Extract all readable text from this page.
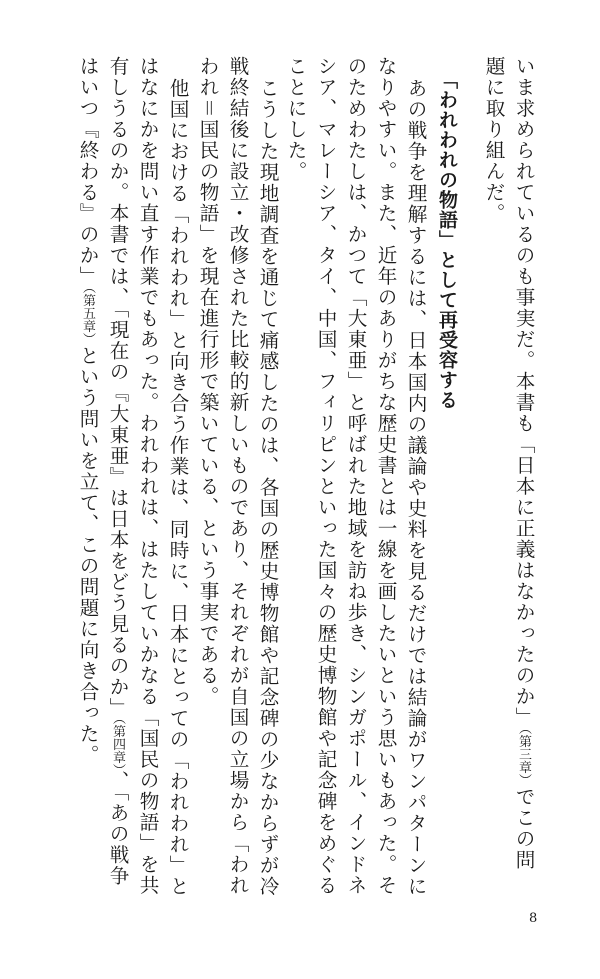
いま求められているのも事実だ。本書も「日本に正義はなかったのか」（第三章）でこの問
題に取り組んだ。
「われわれの物語」として再受容する
あの戦争を理解するには、日本国内の議論や史料を見るだけでは結論がワンパターンに
なりやすい。また、近年のありがちな歴史書とは一線を画したいという思いもあった。そ
のためわたしは、かつて「大東亜」と呼ばれた地域を訪ね歩き、シンガポール、インドネ
シア、マレーシア、タイ、中国、フィリピンといった国々の歴史博物館や記念碑をめぐる
ことにした。
こうした現地調査を通じて痛感したのは、各国の歴史博物館や記念碑の少なからずが冷
戦終結後に設立・改修された比較的新しいものであり、それぞれが自国の立場から「われ
われ＝国民の物語」を現在進行形で築いている、という事実である。
他国における「われわれ」と向き合う作業は、同時に、日本にとっての「われわれ」と
はなにかを問い直す作業でもあった。われわれは、はたしていかなる「国民の物語」を共
有しうるのか。本書では、「現在の『大東亜』は日本をどう見るのか」（第四章）、「あの戦争
はいつ『終わる』のか」（第五章）という問いを立て、この問題に向き合った。
8
